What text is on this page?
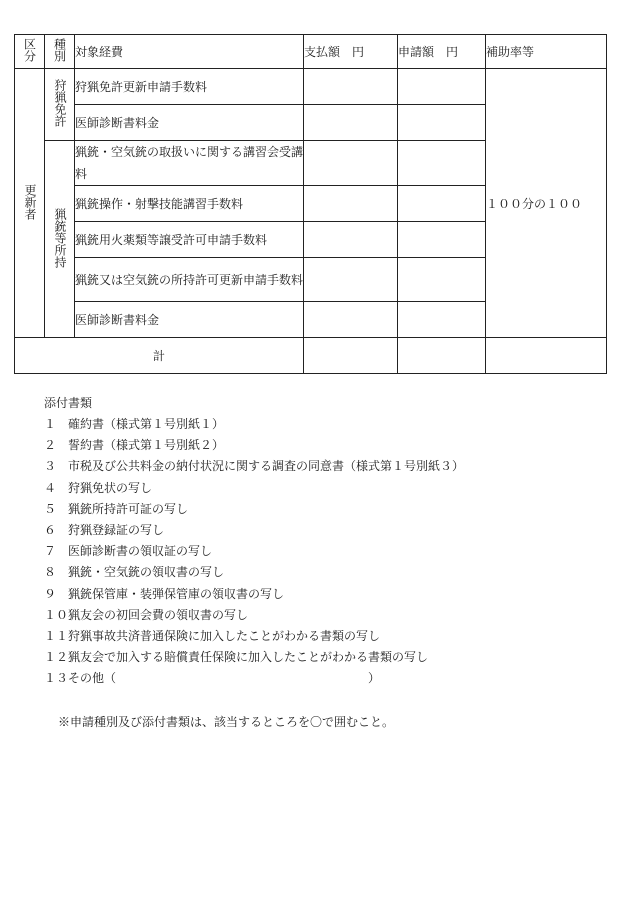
区分	種別	対象経費	支払額　円	申請額　円	補助率等
更新者	狩猟免許	狩猟免許更新申請手数料			１００分の１００
		医師診断書料金			
	猟銃等所持	猟銃・空気銃の取扱いに関する講習会受講料			
		猟銃操作・射撃技能講習手数料			
		猟銃用火薬類等譲受許可申請手数料			
		猟銃又は空気銃の所持許可更新申請手数料			
		医師診断書料金			
計					
添付書類
１ 確約書（様式第１号別紙１）
２ 誓約書（様式第１号別紙２）
３ 市税及び公共料金の納付状況に関する調査の同意書（様式第１号別紙３）
４ 狩猟免状の写し
５ 猟銃所持許可証の写し
６ 狩猟登録証の写し
７ 医師診断書の領収証の写し
８ 猟銃・空気銃の領収書の写し
９ 猟銃保管庫・装弾保管庫の領収書の写し
１０猟友会の初回会費の領収書の写し
１１狩猟事故共済普通保険に加入したことがわかる書類の写し
１２猟友会で加入する賠償責任保険に加入したことがわかる書類の写し
１３その他（　　　　　　　　　　　　　　　　　　　　　）
※申請種別及び添付書類は、該当するところを〇で囲むこと。
